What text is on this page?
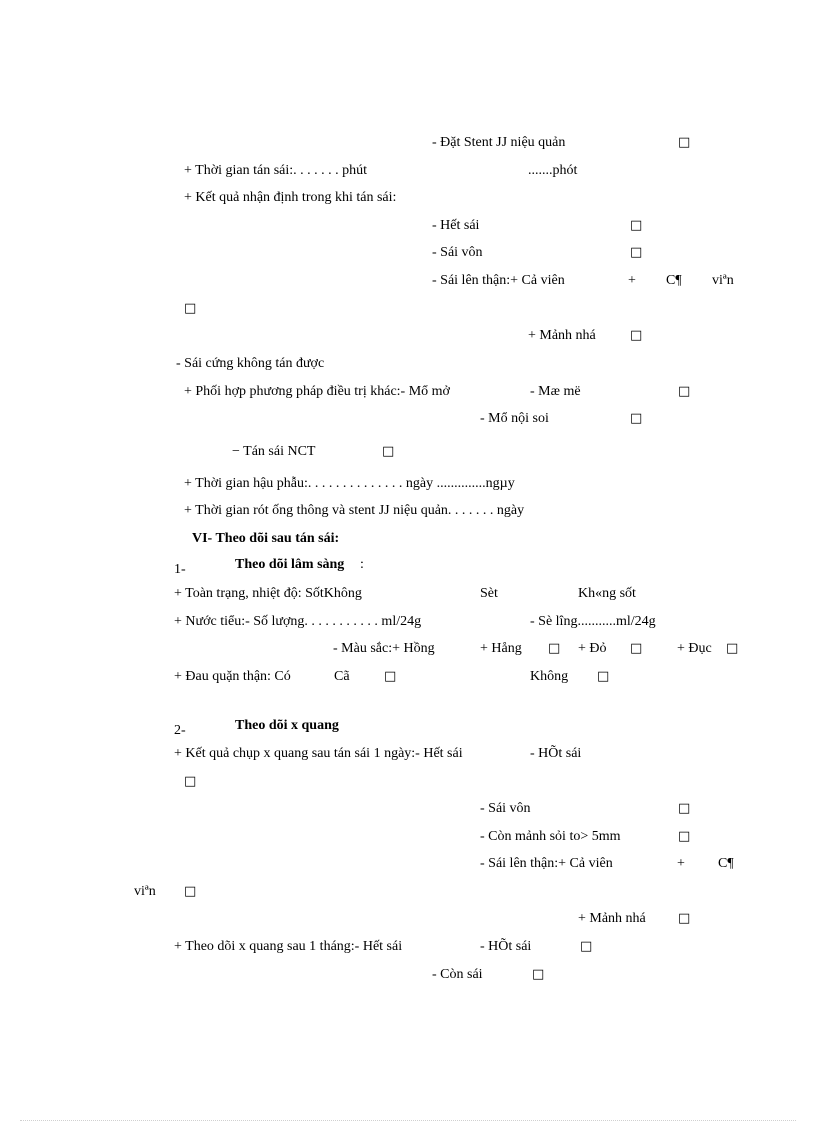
- Đặt Stent JJ niệu quản	□
+ Thời gian tán sái:. . . . . . . phút	.......phót
+ Kết quả nhận định trong khi tán sái:
- Hết sái	□
- Sái vôn	□
- Sái lên thận:+ Cả viên	+ C¶ viªn
□
+ Mảnh nhá	□
- Sái cứng không tán được
+ Phối hợp phương pháp điều trị khác:- Mổ mở	- Mæ më	□
- Mổ nội soi	□
− Tán sái NCT	□
+ Thời gian hậu phẫu:. . . . . . . . . . . . . . ngày ..............ngµy
+ Thời gian rót ống thông và stent JJ niệu quản. . . . . . . ngày
VI- Theo dõi sau tán sái:
1-	Theo dõi lâm sàng :
+ Toàn trạng, nhiệt độ: SốtKhông	Sèt	Kh«ng sốt
+ Nước tiểu:- Số lượng. . . . . . . . . . . ml/24g	- Sè lîng...........ml/24g
- Màu sắc:+ Hồng	+ Hång □ + Đỏ □ + Đục □
+ Đau quặn thận: Có	Cã	□	Không □
2-	Theo dõi x quang
+ Kết quả chụp x quang sau tán sái 1 ngày:- Hết sái	- HÕt sái
□
- Sái vôn	□
- Còn mảnh sỏi to> 5mm	□
- Sái lên thận:+ Cả viên	+ C¶
viªn □
+ Mảnh nhá □
+ Theo dõi x quang sau 1 tháng:- Hết sái	- HÕt sái	□
- Còn sái	□
